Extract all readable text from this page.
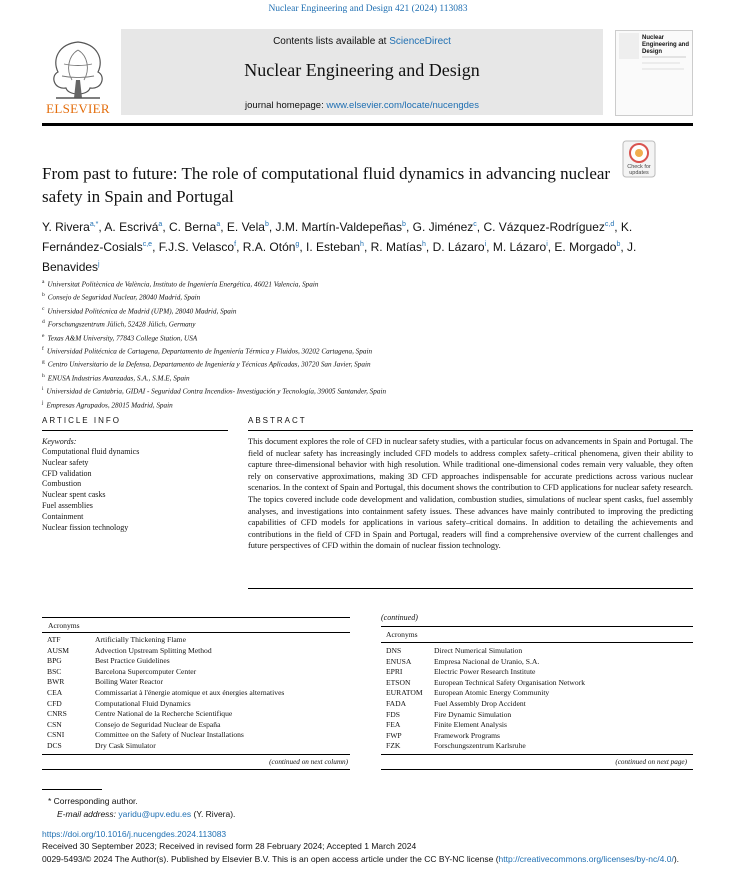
Nuclear Engineering and Design 421 (2024) 113083
Contents lists available at ScienceDirect
Nuclear Engineering and Design
journal homepage: www.elsevier.com/locate/nucengdes
ELSEVIER
Nuclear Engineering and Design
Check for updates
From past to future: The role of computational fluid dynamics in advancing nuclear safety in Spain and Portugal
Y. Rivera$^{a,*}$, A. Escrivá$^a$, C. Berna$^a$, E. Vela$^b$, J.M. Martín-Valdepeñas$^b$, G. Jiménez$^c$, C. Vázquez-Rodríguez$^{c,d}$, K. Fernández-Cosials$^{c,e}$, F.J.S. Velasco$^f$, R.A. Otón$^g$, I. Esteban$^h$, R. Matías$^h$, D. Lázaro$^i$, M. Lázaro$^i$, E. Morgado$^b$, J. Benavides$^j$
$^a$ Universitat Politècnica de València, Instituto de Ingeniería Energética, 46021 Valencia, Spain
$^b$ Consejo de Seguridad Nuclear, 28040 Madrid, Spain
$^c$ Universidad Politécnica de Madrid (UPM), 28040 Madrid, Spain
$^d$ Forschungszentrum Jülich, 52428 Jülich, Germany
$^e$ Texas A&M University, 77843 College Station, USA
$^f$ Universidad Politécnica de Cartagena, Departamento de Ingeniería Térmica y Fluidos, 30202 Cartagena, Spain
$^g$ Centro Universitario de la Defensa, Departamento de Ingeniería y Técnicas Aplicadas, 30720 San Javier, Spain
$^h$ ENUSA Industrias Avanzadas, S.A., S.M.E, Spain
$^i$ Universidad de Cantabria, GIDAI - Seguridad Contra Incendios- Investigación y Tecnología, 39005 Santander, Spain
$^j$ Empresas Agrupados, 28015 Madrid, Spain
ARTICLE INFO	ABSTRACT
Keywords:
Computational fluid dynamics
Nuclear safety
CFD validation
Combustion
Nuclear spent casks
Fuel assemblies
Containment
Nuclear fission technology
This document explores the role of CFD in nuclear safety studies, with a particular focus on advancements in Spain and Portugal. The field of nuclear safety has increasingly included CFD models to address complex safety–critical phenomena, given their ability to capture three-dimensional behavior with high resolution. While traditional one-dimensional codes remain very valuable, they often rely on conservative approximations, making 3D CFD approaches indispensable for accurate predictions across various nuclear scenarios. In the context of Spain and Portugal, this document shows the contribution to CFD applications for nuclear safety research. The topics covered include code development and validation, combustion studies, simulations of nuclear spent casks, fuel assembly analyses, and investigations into containment safety issues. These advances have mainly contributed to improving the predicting capabilities of CFD models for applications in various safety–critical domains. In addition to detailing the achievements and contributions in the field of CFD in Spain and Portugal, readers will find a comprehensive overview of the current challenges and future perspectives of CFD within the domain of nuclear fission technology.
Acronyms
ATF	Artificially Thickening Flame
AUSM	Advection Upstream Splitting Method
BPG	Best Practice Guidelines
BSC	Barcelona Supercomputer Center
BWR	Boiling Water Reactor
CEA	Commissariat à l'énergie atomique et aux énergies alternatives
CFD	Computational Fluid Dynamics
CNRS	Centre National de la Recherche Scientifique
CSN	Consejo de Seguridad Nuclear de España
CSNI	Committee on the Safety of Nuclear Installations
DCS	Dry Cask Simulator
(continued on next column)
(continued)
Acronyms
DNS	Direct Numerical Simulation
ENUSA	Empresa Nacional de Uranio, S.A.
EPRI	Electric Power Research Institute
ETSON	European Technical Safety Organisation Network
EURATOM	European Atomic Energy Community
FADA	Fuel Assembly Drop Accident
FDS	Fire Dynamic Simulation
FEA	Finite Element Analysis
FWP	Framework Programs
FZK	Forschungszentrum Karlsruhe
(continued on next page)
* Corresponding author.
E-mail address: yaridu@upv.edu.es (Y. Rivera).
https://doi.org/10.1016/j.nucengdes.2024.113083
Received 30 September 2023; Received in revised form 28 February 2024; Accepted 1 March 2024
0029-5493/© 2024 The Author(s). Published by Elsevier B.V. This is an open access article under the CC BY-NC license (http://creativecommons.org/licenses/by-nc/4.0/).
